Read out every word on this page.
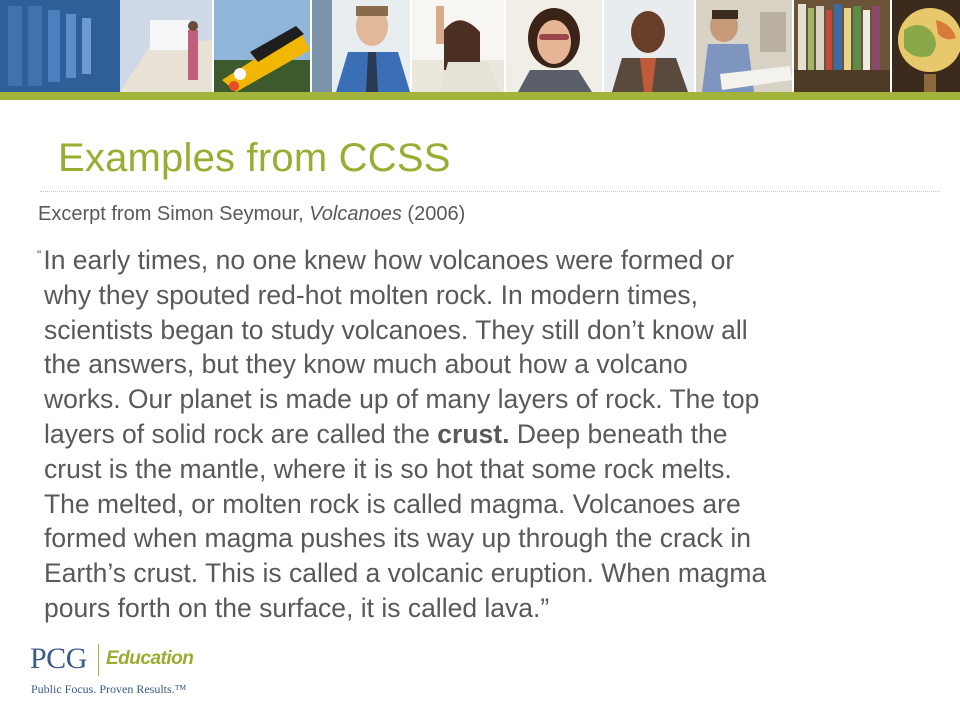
Examples from CCSS
Excerpt from Simon Seymour, Volcanoes (2006)
“In early times, no one knew how volcanoes were formed or
why they spouted red-hot molten rock. In modern times,
scientists began to study volcanoes. They still don’t know all
the answers, but they know much about how a volcano
works. Our planet is made up of many layers of rock. The top
layers of solid rock are called the crust. Deep beneath the
crust is the mantle, where it is so hot that some rock melts.
The melted, or molten rock is called magma. Volcanoes are
formed when magma pushes its way up through the crack in
Earth’s crust. This is called a volcanic eruption. When magma
pours forth on the surface, it is called lava.”
PCG Education
Public Focus. Proven Results.™
